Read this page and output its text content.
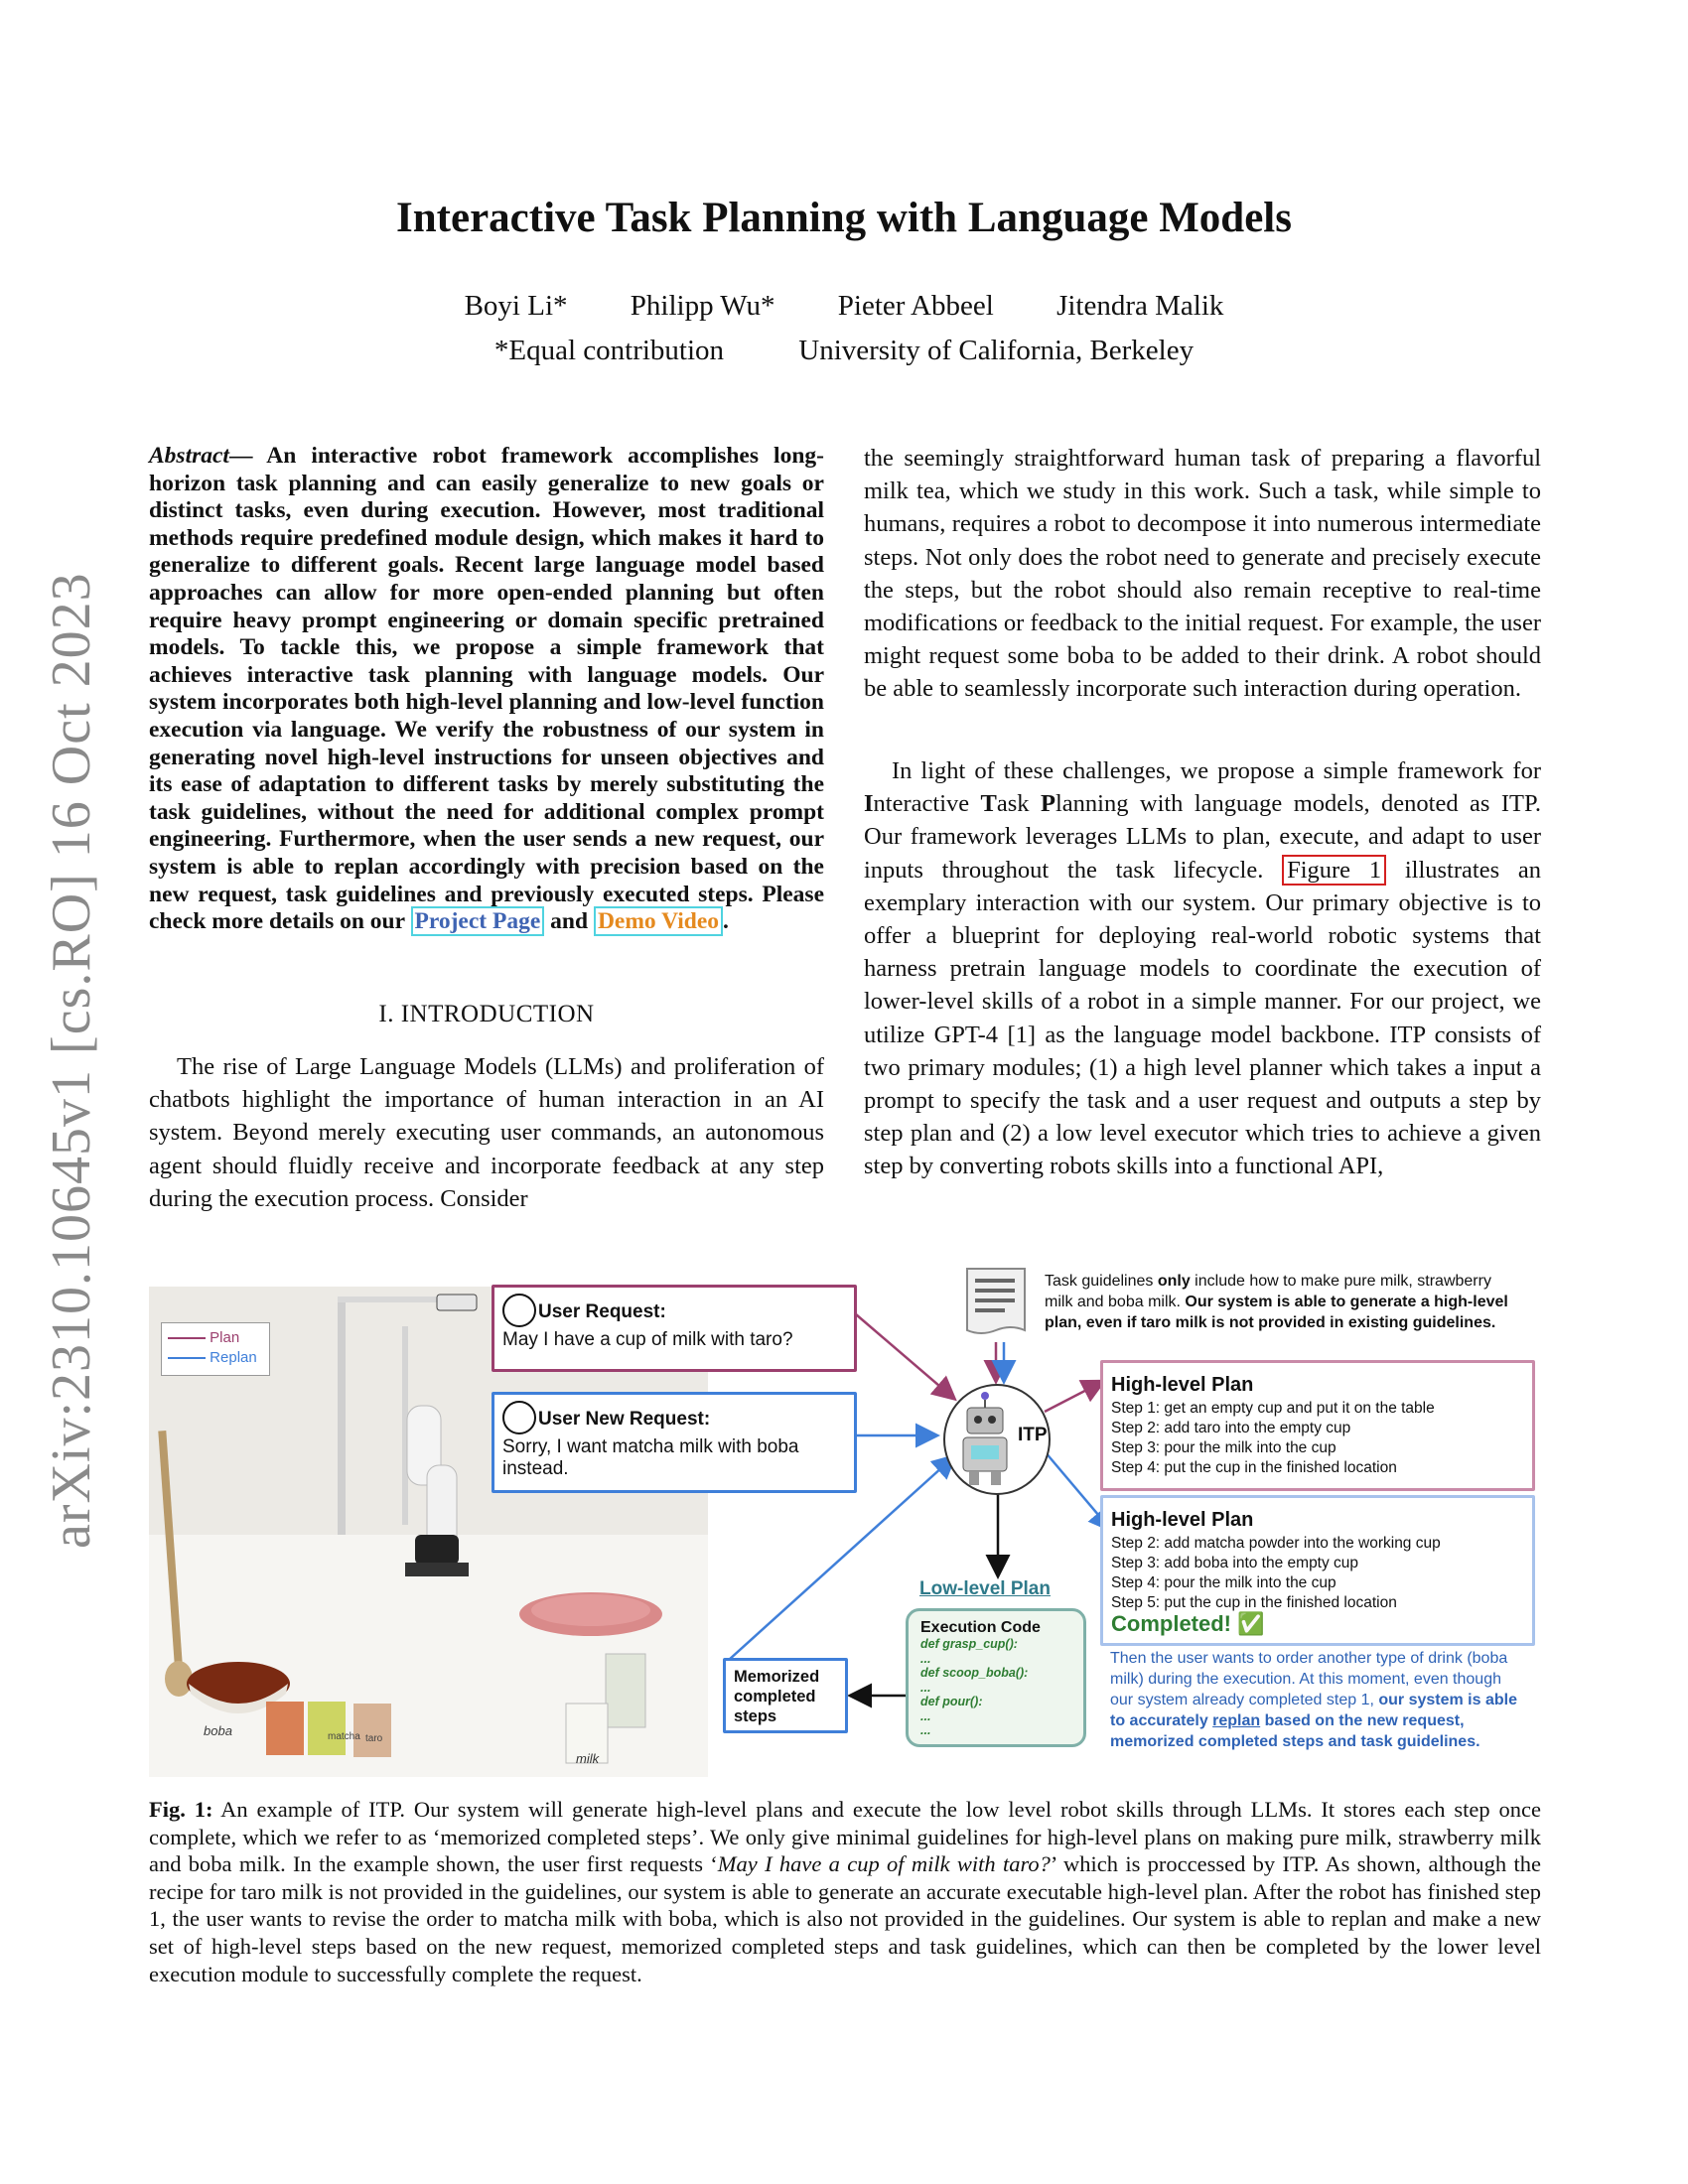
arXiv:2310.10645v1 [cs.RO] 16 Oct 2023
Interactive Task Planning with Language Models
Boyi Li* Philipp Wu* Pieter Abbeel Jitendra Malik
*Equal contribution	University of California, Berkeley
Abstract— An interactive robot framework accomplishes long-horizon task planning and can easily generalize to new goals or distinct tasks, even during execution. However, most traditional methods require predefined module design, which makes it hard to generalize to different goals. Recent large language model based approaches can allow for more open-ended planning but often require heavy prompt engineering or domain specific pretrained models. To tackle this, we propose a simple framework that achieves interactive task planning with language models. Our system incorporates both high-level planning and low-level function execution via language. We verify the robustness of our system in generating novel high-level instructions for unseen objectives and its ease of adaptation to different tasks by merely substituting the task guidelines, without the need for additional complex prompt engineering. Furthermore, when the user sends a new request, our system is able to replan accordingly with precision based on the new request, task guidelines and previously executed steps. Please check more details on our Project Page and Demo Video .
I. INTRODUCTION
The rise of Large Language Models (LLMs) and proliferation of chatbots highlight the importance of human interaction in an AI system. Beyond merely executing user commands, an autonomous agent should fluidly receive and incorporate feedback at any step during the execution process. Consider
the seemingly straightforward human task of preparing a flavorful milk tea, which we study in this work. Such a task, while simple to humans, requires a robot to decompose it into numerous intermediate steps. Not only does the robot need to generate and precisely execute the steps, but the robot should also remain receptive to real-time modifications or feedback to the initial request. For example, the user might request some boba to be added to their drink. A robot should be able to seamlessly incorporate such interaction during operation.
In light of these challenges, we propose a simple framework for Interactive Task Planning with language models, denoted as ITP. Our framework leverages LLMs to plan, execute, and adapt to user inputs throughout the task lifecycle. Figure 1 illustrates an exemplary interaction with our system. Our primary objective is to offer a blueprint for deploying real-world robotic systems that harness pretrain language models to coordinate the execution of lower-level skills of a robot in a simple manner. For our project, we utilize GPT-4 [1] as the language model backbone. ITP consists of two primary modules; (1) a high level planner which takes a input a prompt to specify the task and a user request and outputs a step by step plan and (2) a low level executor which tries to achieve a given step by converting robots skills into a functional API,
Plan
Replan
boba	matcha taro
milk
Task guidelines only include how to make pure milk, strawberry milk and boba milk. Our system is able to generate a high-level plan, even if taro milk is not provided in existing guidelines.
User Request:
May I have a cup of milk with taro?
User New Request:
Sorry, I want matcha milk with boba instead.
ITP
High-level Plan
Step 1: get an empty cup and put it on the table
Step 2: add taro into the empty cup
Step 3: pour the milk into the cup
Step 4: put the cup in the finished location
High-level Plan
Step 2: add matcha powder into the working cup
Step 3: add boba into the empty cup
Step 4: pour the milk into the cup
Step 5: put the cup in the finished location
Completed! ✅
Low-level Plan
Execution Code
def grasp_cup():
...
def scoop_boba():
...
def pour():
...
...
Memorized completed steps
Then the user wants to order another type of drink (boba milk) during the execution. At this moment, even though our system already completed step 1, our system is able to accurately replan based on the new request, memorized completed steps and task guidelines.
Fig. 1: An example of ITP. Our system will generate high-level plans and execute the low level robot skills through LLMs. It stores each step once complete, which we refer to as ‘memorized completed steps’. We only give minimal guidelines for high-level plans on making pure milk, strawberry milk and boba milk. In the example shown, the user first requests ‘May I have a cup of milk with taro?’ which is proccessed by ITP. As shown, although the recipe for taro milk is not provided in the guidelines, our system is able to generate an accurate executable high-level plan. After the robot has finished step 1, the user wants to revise the order to matcha milk with boba, which is also not provided in the guidelines. Our system is able to replan and make a new set of high-level steps based on the new request, memorized completed steps and task guidelines, which can then be completed by the lower level execution module to successfully complete the request.
